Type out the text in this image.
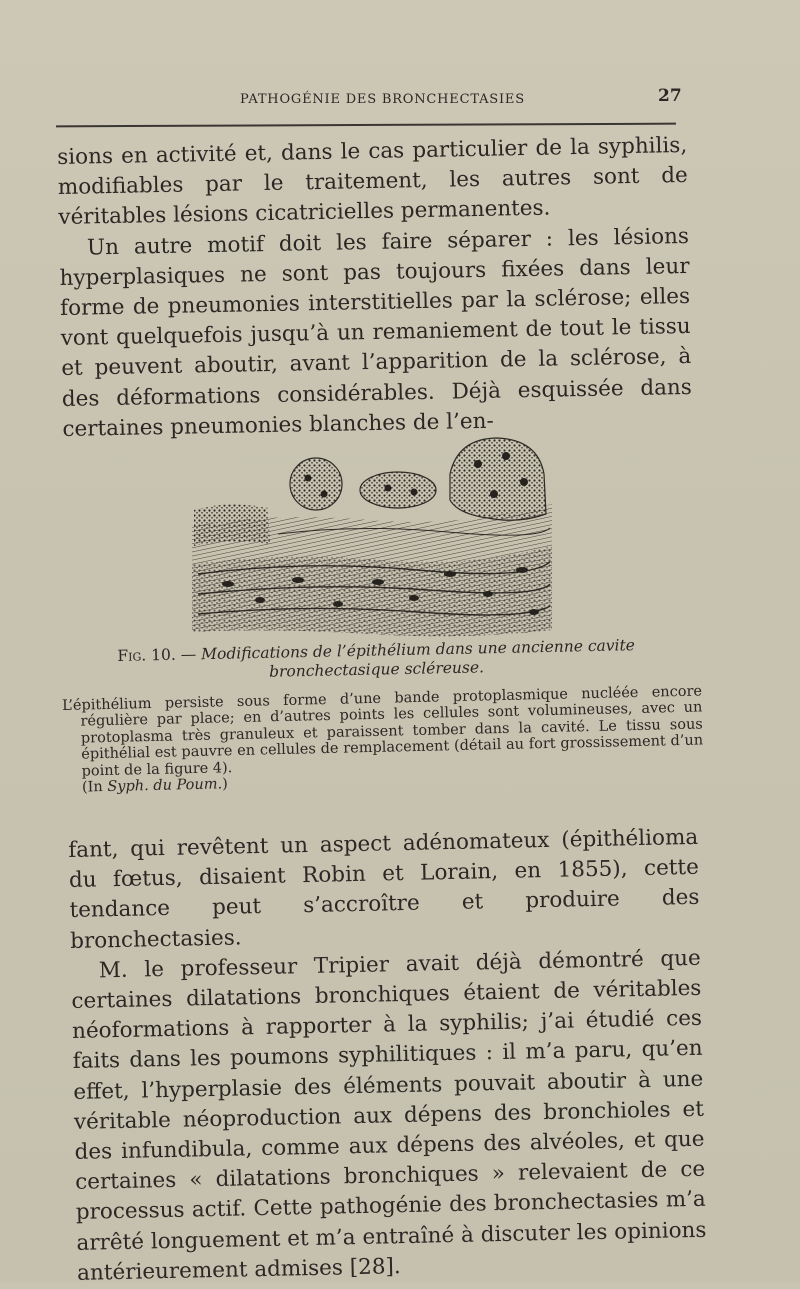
PATHOGÉNIE DES BRONCHECTASIES	27

sions en activité et, dans le cas particulier de la syphilis, modifiables par le traitement, les autres sont de véritables lésions cicatricielles permanentes.

Un autre motif doit les faire séparer : les lésions hyperplasiques ne sont pas toujours fixées dans leur forme de pneumonies interstitielles par la sclérose; elles vont quelquefois jusqu’à un remaniement de tout le tissu et peuvent aboutir, avant l’apparition de la sclérose, à des déformations considérables. Déjà esquissée dans certaines pneumonies blanches de l’en-

Fig. 10. — Modifications de l’épithélium dans une ancienne cavite bronchectasique scléreuse.

L’épithélium persiste sous forme d’une bande protoplasmique nucléée encore régulière par place; en d’autres points les cellules sont volumineuses, avec un protoplasma très granuleux et paraissent tomber dans la cavité. Le tissu sous épithélial est pauvre en cellules de remplacement (détail au fort grossissement d’un point de la figure 4).

(In Syph. du Poum.)

fant, qui revêtent un aspect adénomateux (épithélioma du fœtus, disaient Robin et Lorain, en 1855), cette tendance peut s’accroître et produire des bronchectasies.

M. le professeur Tripier avait déjà démontré que certaines dilatations bronchiques étaient de véritables néoformations à rapporter à la syphilis; j’ai étudié ces faits dans les poumons syphilitiques : il m’a paru, qu’en effet, l’hyperplasie des éléments pouvait aboutir à une véritable néoproduction aux dépens des bronchioles et des infundibula, comme aux dépens des alvéoles, et que certaines « dilatations bronchiques » relevaient de ce processus actif. Cette pathogénie des bronchectasies m’a arrêté longuement et m’a entraîné à discuter les opinions antérieurement admises [28].
